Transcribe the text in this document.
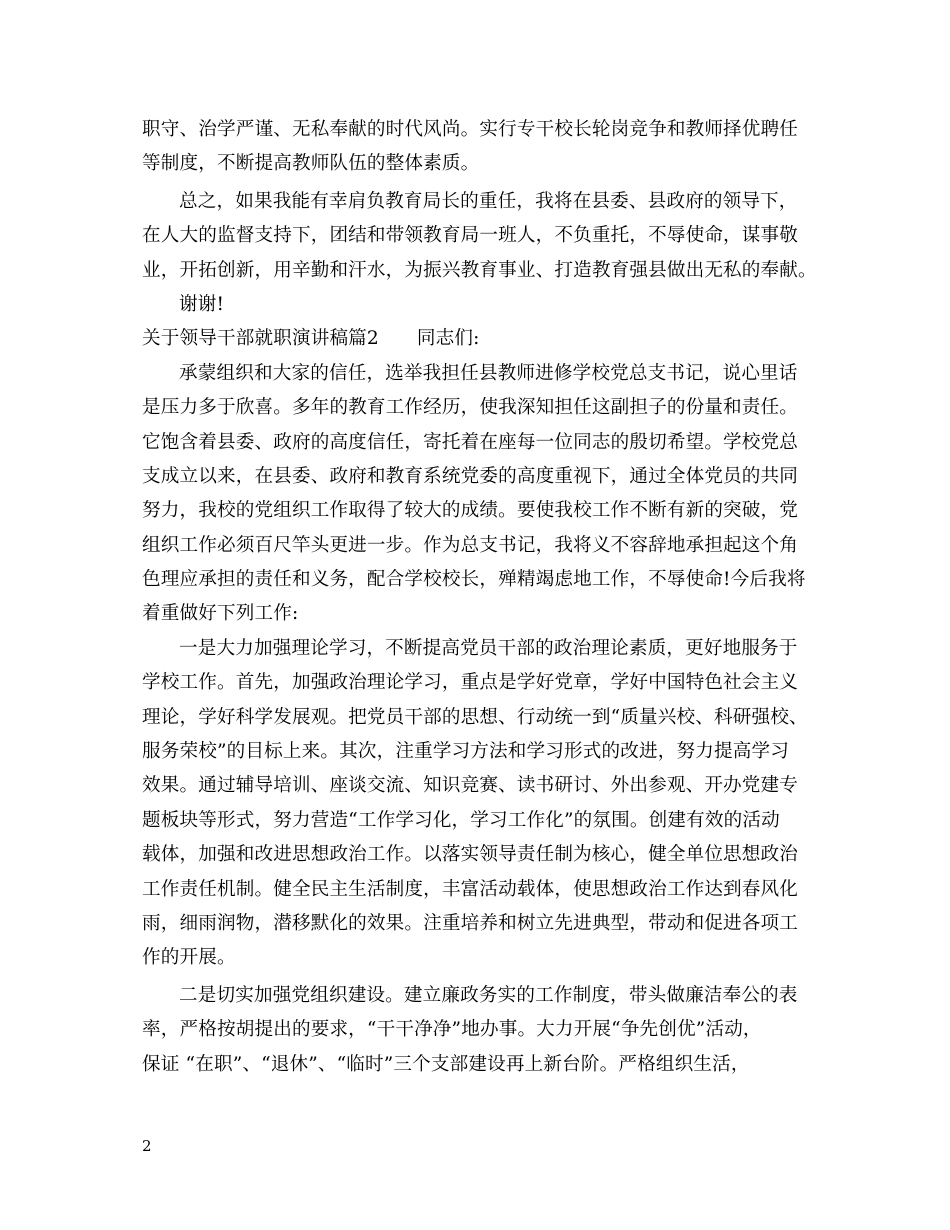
职守、治学严谨、无私奉献的时代风尚。实行专干校长轮岗竞争和教师择优聘任
等制度，不断提高教师队伍的整体素质。
总之，如果我能有幸肩负教育局长的重任，我将在县委、县政府的领导下，
在人大的监督支持下，团结和带领教育局一班人，不负重托，不辱使命，谋事敬
业，开拓创新，用辛勤和汗水，为振兴教育事业、打造教育强县做出无私的奉献。
谢谢!
关于领导干部就职演讲稿篇2 同志们:
承蒙组织和大家的信任，选举我担任县教师进修学校党总支书记，说心里话
是压力多于欣喜。多年的教育工作经历，使我深知担任这副担子的份量和责任。
它饱含着县委、政府的高度信任，寄托着在座每一位同志的殷切希望。学校党总
支成立以来，在县委、政府和教育系统党委的高度重视下，通过全体党员的共同
努力，我校的党组织工作取得了较大的成绩。要使我校工作不断有新的突破，党
组织工作必须百尺竿头更进一步。作为总支书记，我将义不容辞地承担起这个角
色理应承担的责任和义务，配合学校校长，殚精竭虑地工作，不辱使命!今后我将
着重做好下列工作:
一是大力加强理论学习，不断提高党员干部的政治理论素质，更好地服务于
学校工作。首先，加强政治理论学习，重点是学好党章，学好中国特色社会主义
理论，学好科学发展观。把党员干部的思想、行动统一到“质量兴校、科研强校、
服务荣校”的目标上来。其次，注重学习方法和学习形式的改进，努力提高学习
效果。通过辅导培训、座谈交流、知识竞赛、读书研讨、外出参观、开办党建专
题板块等形式，努力营造“工作学习化，学习工作化”的氛围。创建有效的活动
载体，加强和改进思想政治工作。以落实领导责任制为核心，健全单位思想政治
工作责任机制。健全民主生活制度，丰富活动载体，使思想政治工作达到春风化
雨，细雨润物，潜移默化的效果。注重培养和树立先进典型，带动和促进各项工
作的开展。
二是切实加强党组织建设。建立廉政务实的工作制度，带头做廉洁奉公的表
率，严格按胡提出的要求，“干干净净”地办事。大力开展“争先创优”活动，
保证 “在职”、“退休”、“临时”三个支部建设再上新台阶。严格组织生活，
2
